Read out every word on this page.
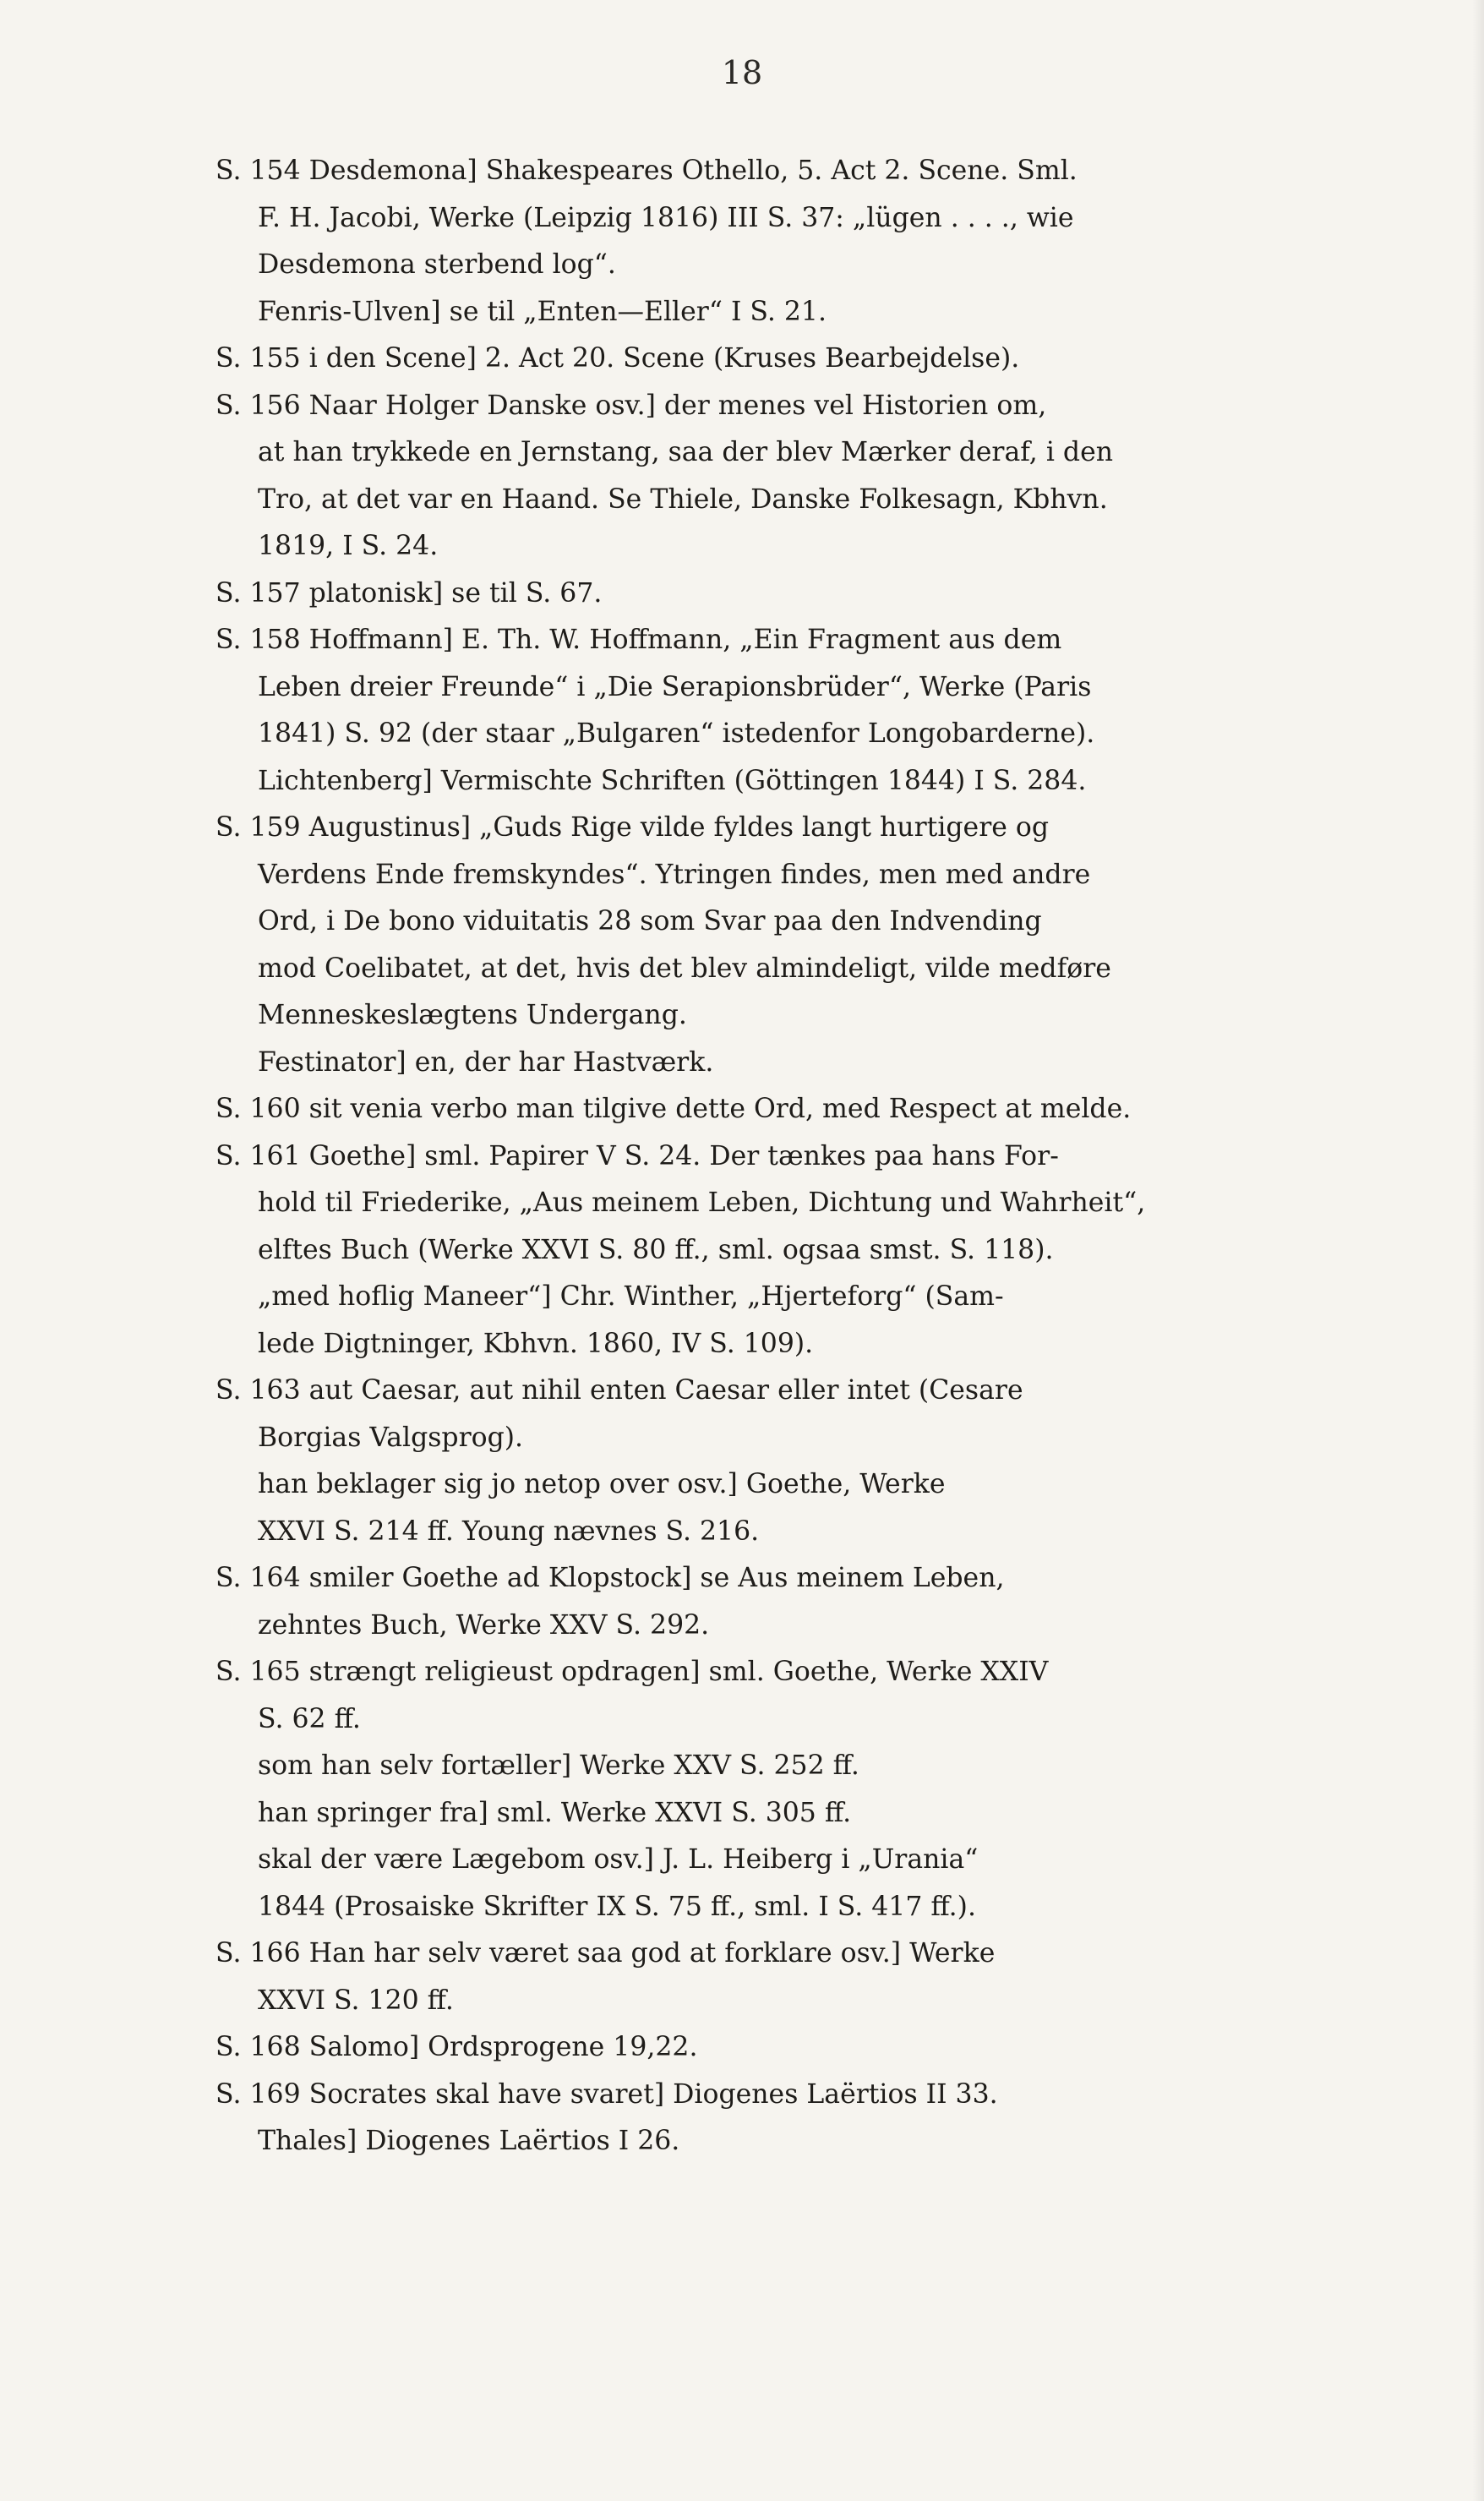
18
S. 154 Desdemona] Shakespeares Othello, 5. Act 2. Scene. Sml.
F. H. Jacobi, Werke (Leipzig 1816) III S. 37: „lügen . . . ., wie
Desdemona sterbend log“.
Fenris-Ulven] se til „Enten—Eller“ I S. 21.
S. 155 i den Scene] 2. Act 20. Scene (Kruses Bearbejdelse).
S. 156 Naar Holger Danske osv.] der menes vel Historien om,
at han trykkede en Jernstang, saa der blev Mærker deraf, i den
Tro, at det var en Haand. Se Thiele, Danske Folkesagn, Kbhvn.
1819, I S. 24.
S. 157 platonisk] se til S. 67.
S. 158 Hoffmann] E. Th. W. Hoffmann, „Ein Fragment aus dem
Leben dreier Freunde“ i „Die Serapionsbrüder“, Werke (Paris
1841) S. 92 (der staar „Bulgaren“ istedenfor Longobarderne).
Lichtenberg] Vermischte Schriften (Göttingen 1844) I S. 284.
S. 159 Augustinus] „Guds Rige vilde fyldes langt hurtigere og
Verdens Ende fremskyndes“. Ytringen findes, men med andre
Ord, i De bono viduitatis 28 som Svar paa den Indvending
mod Coelibatet, at det, hvis det blev almindeligt, vilde medføre
Menneskeslægtens Undergang.
Festinator] en, der har Hastværk.
S. 160 sit venia verbo man tilgive dette Ord, med Respect at melde.
S. 161 Goethe] sml. Papirer V S. 24. Der tænkes paa hans For-
hold til Friederike, „Aus meinem Leben, Dichtung und Wahrheit“,
elftes Buch (Werke XXVI S. 80 ff., sml. ogsaa smst. S. 118).
„med hoflig Maneer“] Chr. Winther, „Hjerteforg“ (Sam-
lede Digtninger, Kbhvn. 1860, IV S. 109).
S. 163 aut Caesar, aut nihil enten Caesar eller intet (Cesare
Borgias Valgsprog).
han beklager sig jo netop over osv.] Goethe, Werke
XXVI S. 214 ff. Young nævnes S. 216.
S. 164 smiler Goethe ad Klopstock] se Aus meinem Leben,
zehntes Buch, Werke XXV S. 292.
S. 165 strængt religieust opdragen] sml. Goethe, Werke XXIV
S. 62 ff.
som han selv fortæller] Werke XXV S. 252 ff.
han springer fra] sml. Werke XXVI S. 305 ff.
skal der være Lægebom osv.] J. L. Heiberg i „Urania“
1844 (Prosaiske Skrifter IX S. 75 ff., sml. I S. 417 ff.).
S. 166 Han har selv været saa god at forklare osv.] Werke
XXVI S. 120 ff.
S. 168 Salomo] Ordsprogene 19,22.
S. 169 Socrates skal have svaret] Diogenes Laërtios II 33.
Thales] Diogenes Laërtios I 26.
